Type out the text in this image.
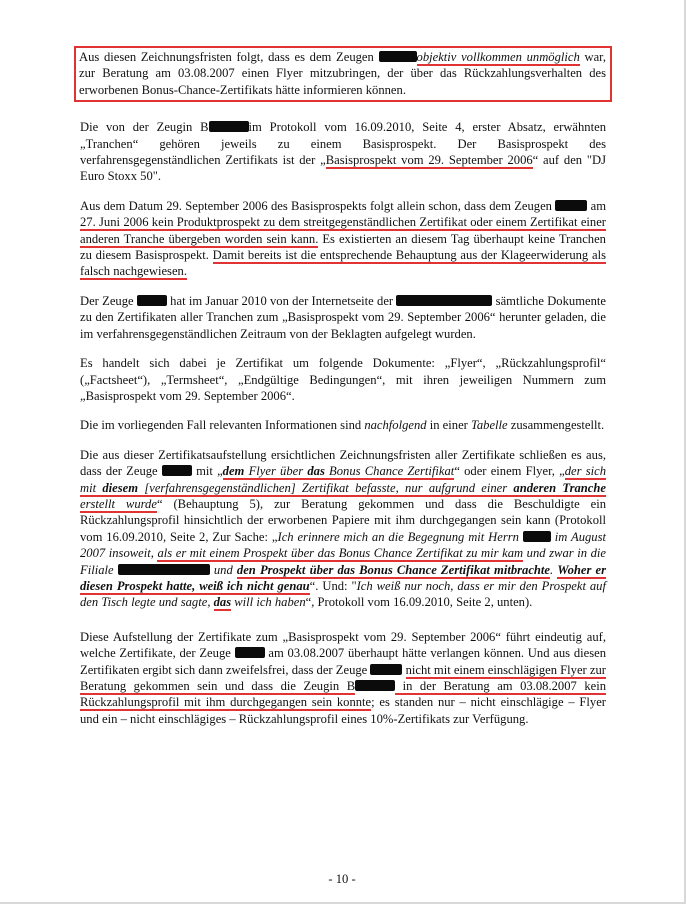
Aus diesen Zeichnungsfristen folgt, dass es dem Zeugen	objektiv vollkommen unmöglich war, zur Beratung am 03.08.2007 einen Flyer mitzubringen, der über das Rückzahlungsverhalten des erworbenen Bonus-Chance-Zertifikats hätte informieren können.

Die von der Zeugin B	im Protokoll vom 16.09.2010, Seite 4, erster Absatz, erwähnten „Tranchen“ gehören jeweils zu einem Basisprospekt. Der Basisprospekt des verfahrensgegenständlichen Zertifikats ist der „Basisprospekt vom 29. September 2006“ auf den "DJ Euro Stoxx 50".

Aus dem Datum 29. September 2006 des Basisprospekts folgt allein schon, dass dem Zeugen	am 27. Juni 2006 kein Produktprospekt zu dem streitgegenständlichen Zertifikat oder einem Zertifikat einer anderen Tranche übergeben worden sein kann. Es existierten an diesem Tag überhaupt keine Tranchen zu diesem Basisprospekt. Damit bereits ist die entsprechende Behauptung aus der Klageerwiderung als falsch nachgewiesen.

Der Zeuge  hat im Januar 2010 von der Internetseite der	sämtliche Dokumente zu den Zertifikaten aller Tranchen zum „Basisprospekt vom 29. September 2006“ herunter geladen, die im verfahrensgegenständlichen Zeitraum von der Beklagten aufgelegt wurden.

Es handelt sich dabei je Zertifikat um folgende Dokumente: „Flyer“, „Rückzahlungsprofil“ („Factsheet“), „Termsheet“, „Endgültige Bedingungen“, mit ihren jeweiligen Nummern zum „Basisprospekt vom 29. September 2006“.

Die im vorliegenden Fall relevanten Informationen sind nachfolgend in einer Tabelle zusammengestellt.

Die aus dieser Zertifikatsaufstellung ersichtlichen Zeichnungsfristen aller Zertifikate schließen es aus, dass der Zeuge  mit „dem Flyer über das Bonus Chance Zertifikat“ oder einem Flyer, „der sich mit diesem [verfahrensgegenständlichen] Zertifikat befasste, nur aufgrund einer anderen Tranche erstellt wurde“ (Behauptung 5), zur Beratung gekommen und dass die Beschuldigte ein Rückzahlungsprofil hinsichtlich der erworbenen Papiere mit ihm durchgegangen sein kann (Protokoll vom 16.09.2010, Seite 2, Zur Sache: „Ich erinnere mich an die Begegnung mit Herrn  im August 2007 insoweit, als er mit einem Prospekt über das Bonus Chance Zertifikat zu mir kam und zwar in die Filiale	und den Prospekt über das Bonus Chance Zertifikat mitbrachte. Woher er diesen Prospekt hatte, weiß ich nicht genau“. Und: "Ich weiß nur noch, dass er mir den Prospekt auf den Tisch legte und sagte, das will ich haben“, Protokoll vom 16.09.2010, Seite 2, unten).

Diese Aufstellung der Zertifikate zum „Basisprospekt vom 29. September 2006“ führt eindeutig auf, welche Zertifikate, der Zeuge  am 03.08.2007 überhaupt hätte verlangen können. Und aus diesen Zertifikaten ergibt sich dann zweifelsfrei, dass der Zeuge	nicht mit einem einschlägigen Flyer zur Beratung gekommen sein und dass die Zeugin B	in der Beratung am 03.08.2007 kein Rückzahlungsprofil mit ihm durchgegangen sein konnte; es standen nur – nicht einschlägige – Flyer und ein – nicht einschlägiges – Rückzahlungsprofil eines 10%-Zertifikats zur Verfügung.

- 10 -
